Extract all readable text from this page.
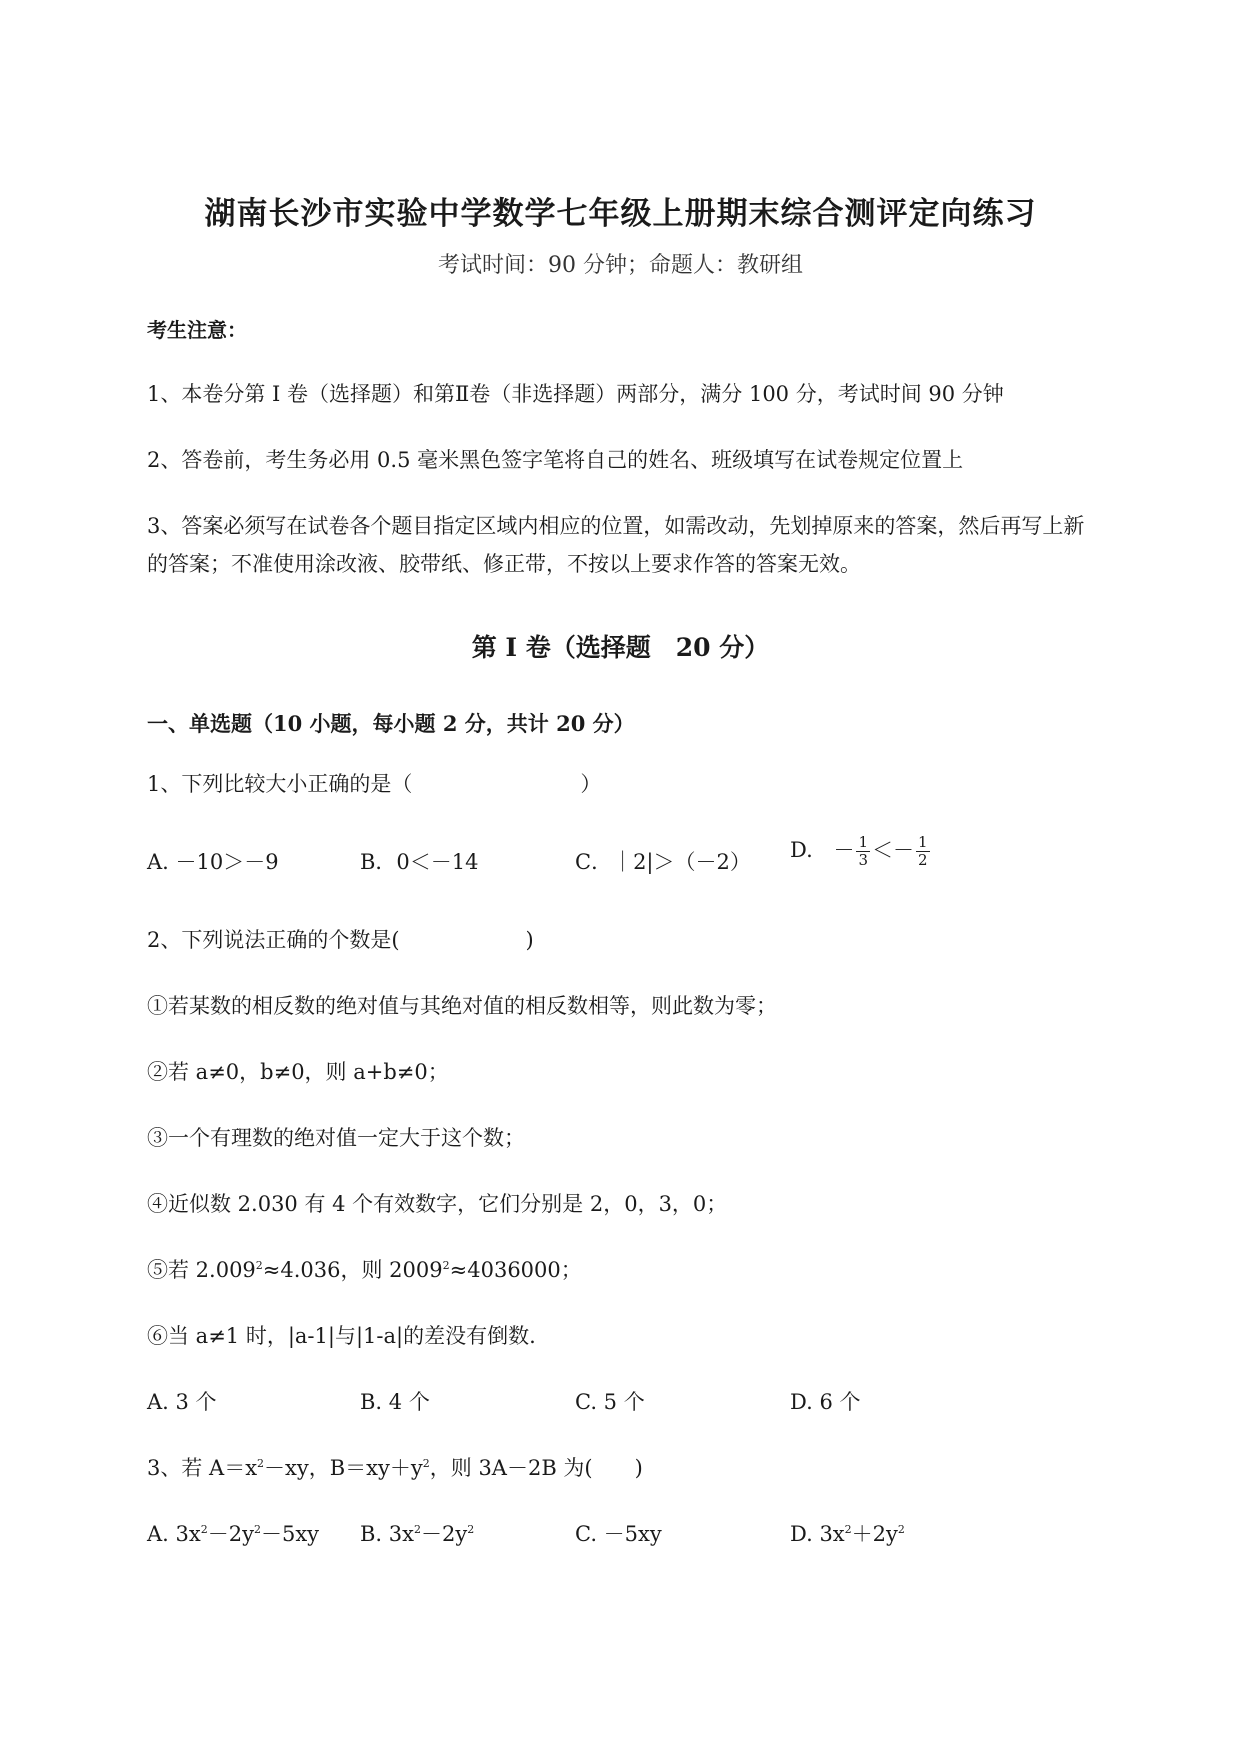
湖南长沙市实验中学数学七年级上册期末综合测评定向练习
考试时间：90 分钟；命题人：教研组
考生注意：
1、本卷分第 I 卷（选择题）和第Ⅱ卷（非选择题）两部分，满分 100 分，考试时间 90 分钟
2、答卷前，考生务必用 0.5 毫米黑色签字笔将自己的姓名、班级填写在试卷规定位置上
3、答案必须写在试卷各个题目指定区域内相应的位置，如需改动，先划掉原来的答案，然后再写上新
的答案；不准使用涂改液、胶带纸、修正带，不按以上要求作答的答案无效。
第 I 卷（选择题　20 分）
一、单选题（10 小题，每小题 2 分，共计 20 分）
1、下列比较大小正确的是（　　　　　　　　）
A. －10＞－9	B．0＜－14	C．｜2|＞（－2） D. － $\frac{1}{3} <- \frac{1}{2}$
2、下列说法正确的个数是(　　　　　　)
①若某数的相反数的绝对值与其绝对值的相反数相等，则此数为零；
②若 a≠0，b≠0，则 a+b≠0；
③一个有理数的绝对值一定大于这个数；
④近似数 2.030 有 4 个有效数字，它们分别是 2，0，3，0；
⑤若 $2.009^2\approx 4.036$，则 $2009^2\approx 4036000$；
⑥当 a≠1 时，|a-1|与|1-a|的差没有倒数.
A. 3 个	B. 4 个	C. 5 个	D. 6 个
3、若 $A=x^2-xy$，$B=xy+y^2$，则 3A－2B 为(　　)
A. $3x^2-2y^2-5xy$ B. $3x^2-2y^2$	C. －5xy	D. $3x^2+2y^2$
